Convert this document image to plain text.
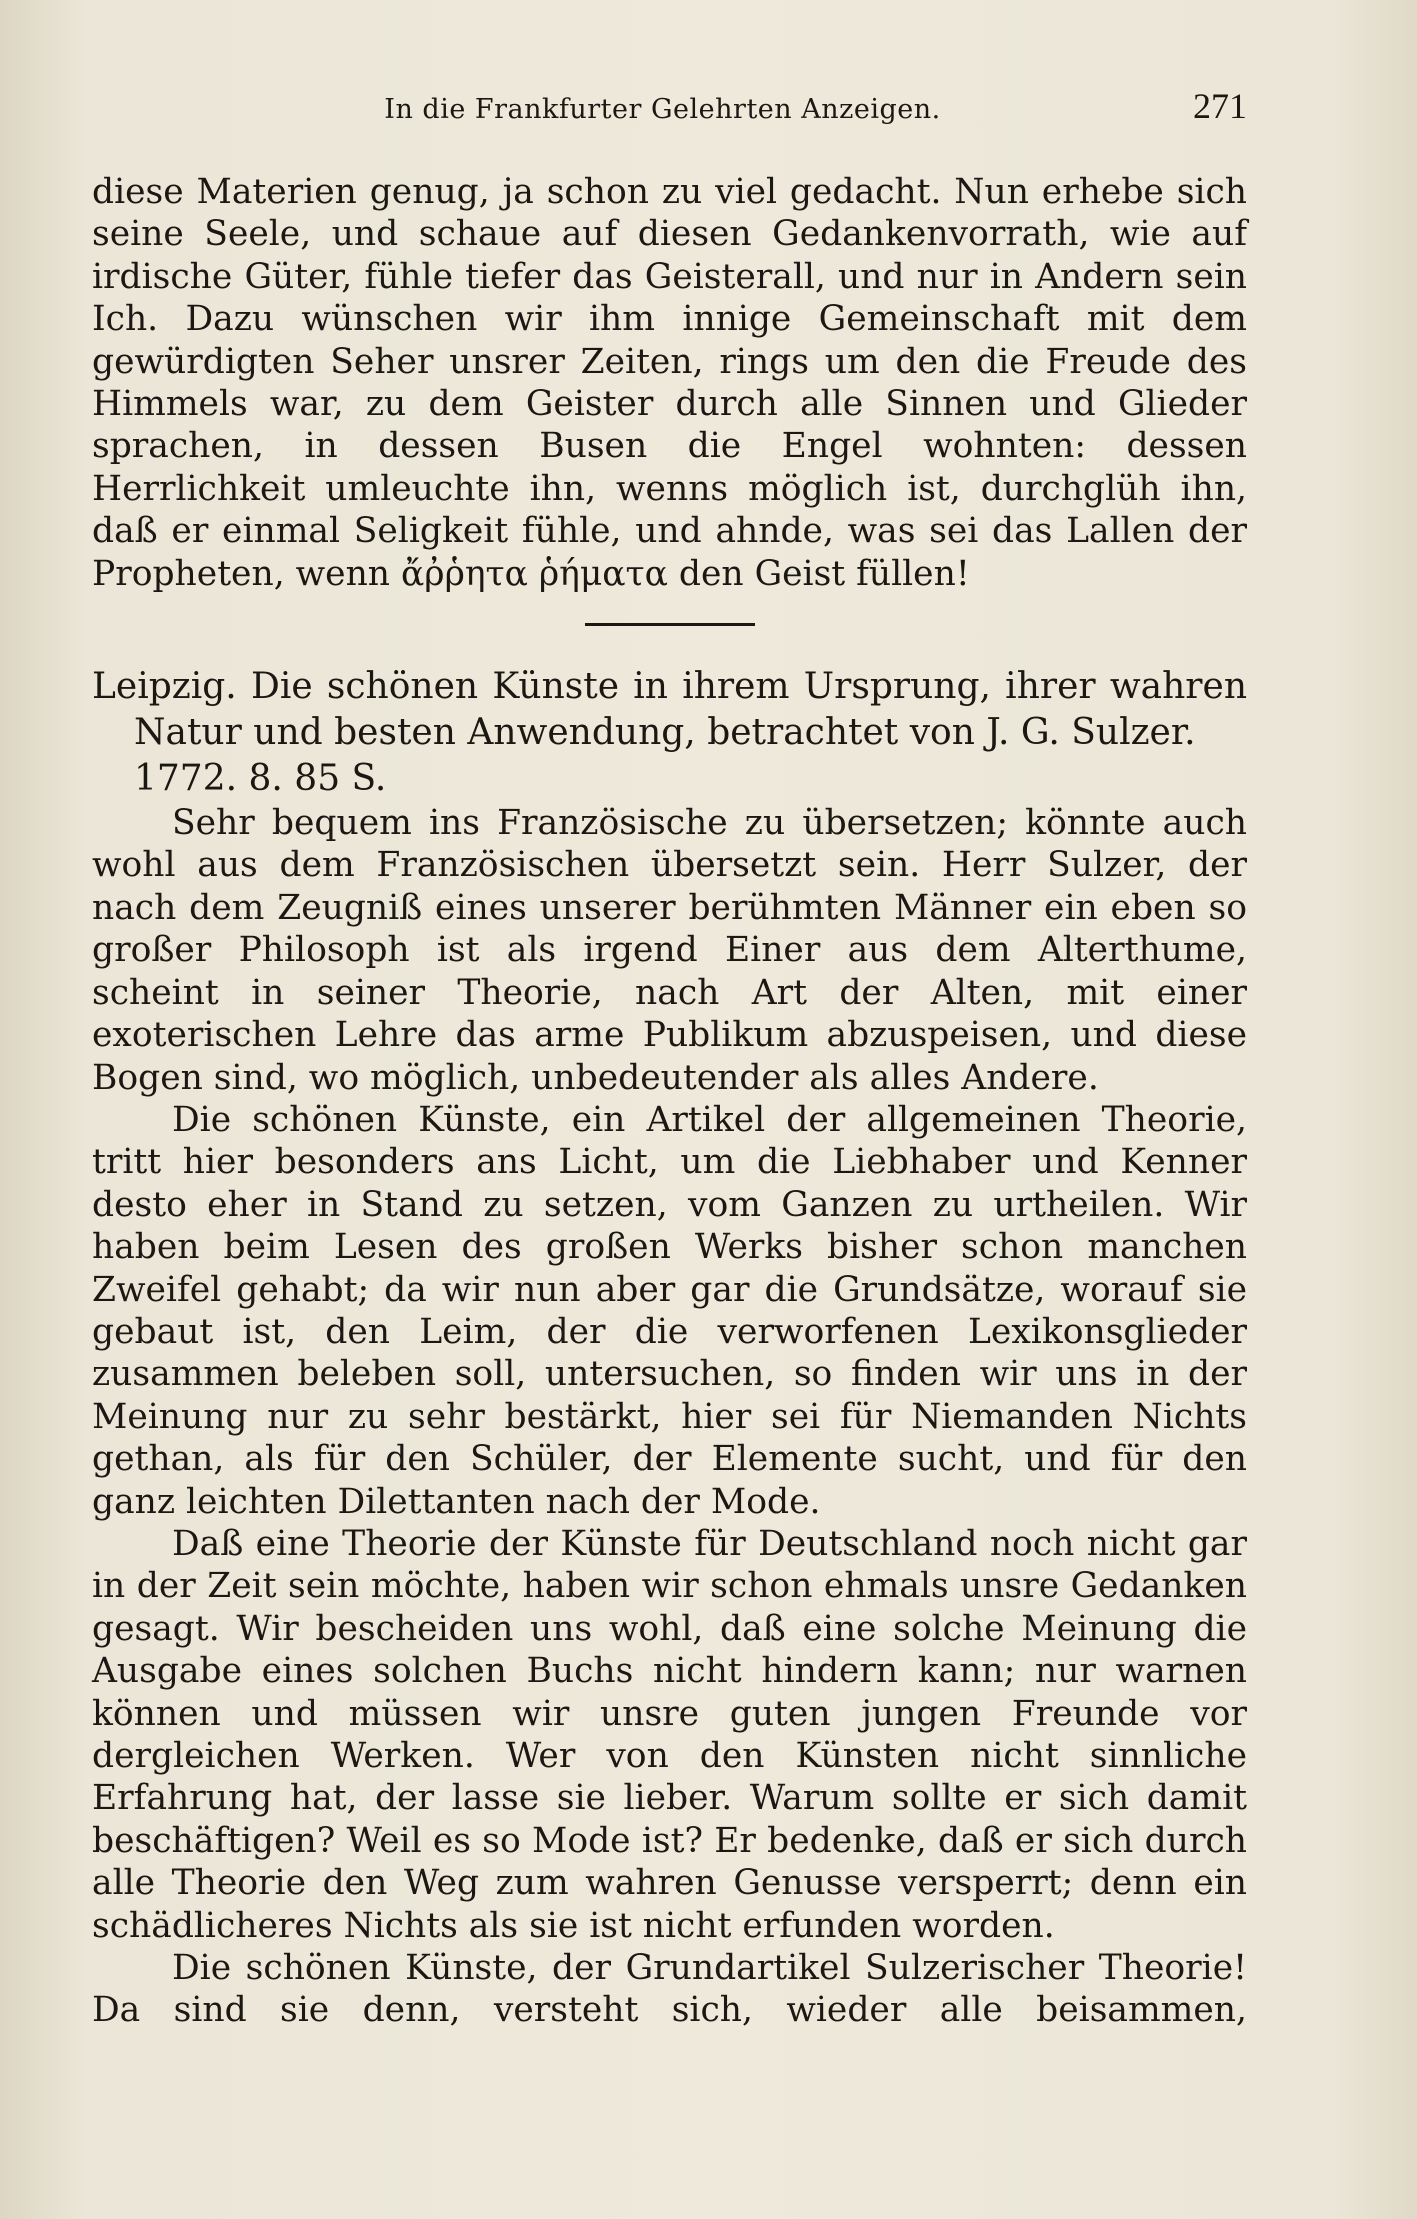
In die Frankfurter Gelehrten Anzeigen.	271

diese Materien genug, ja schon zu viel gedacht. Nun erhebe sich seine Seele, und schaue auf diesen Gedankenvorrath, wie auf irdische Güter, fühle tiefer das Geisterall, und nur in Andern sein Ich. Dazu wünschen wir ihm innige Gemeinschaft mit dem gewürdigten Seher unsrer Zeiten, rings um den die Freude des Himmels war, zu dem Geister durch alle Sinnen und Glieder sprachen, in dessen Busen die Engel wohnten: dessen Herrlichkeit umleuchte ihn, wenns möglich ist, durchglüh ihn, daß er einmal Seligkeit fühle, und ahnde, was sei das Lallen der Propheten, wenn ἄῤῥητα ῥήματα den Geist füllen!

Leipzig. Die schönen Künste in ihrem Ursprung, ihrer wahren Natur und besten Anwendung, betrachtet von J. G. Sulzer.
1772. 8. 85 S.

Sehr bequem ins Französische zu übersetzen; könnte auch wohl aus dem Französischen übersetzt sein. Herr Sulzer, der nach dem Zeugniß eines unserer berühmten Männer ein eben so großer Philosoph ist als irgend Einer aus dem Alterthume, scheint in seiner Theorie, nach Art der Alten, mit einer exoterischen Lehre das arme Publikum abzuspeisen, und diese Bogen sind, wo möglich, unbedeutender als alles Andere.

Die schönen Künste, ein Artikel der allgemeinen Theorie, tritt hier besonders ans Licht, um die Liebhaber und Kenner desto eher in Stand zu setzen, vom Ganzen zu urtheilen. Wir haben beim Lesen des großen Werks bisher schon manchen Zweifel gehabt; da wir nun aber gar die Grundsätze, worauf sie gebaut ist, den Leim, der die verworfenen Lexikonsglieder zusammen beleben soll, untersuchen, so finden wir uns in der Meinung nur zu sehr bestärkt, hier sei für Niemanden Nichts gethan, als für den Schüler, der Elemente sucht, und für den ganz leichten Dilettanten nach der Mode.

Daß eine Theorie der Künste für Deutschland noch nicht gar in der Zeit sein möchte, haben wir schon ehmals unsre Gedanken gesagt. Wir bescheiden uns wohl, daß eine solche Meinung die Ausgabe eines solchen Buchs nicht hindern kann; nur warnen können und müssen wir unsre guten jungen Freunde vor dergleichen Werken. Wer von den Künsten nicht sinnliche Erfahrung hat, der lasse sie lieber. Warum sollte er sich damit beschäftigen? Weil es so Mode ist? Er bedenke, daß er sich durch alle Theorie den Weg zum wahren Genusse versperrt; denn ein schädlicheres Nichts als sie ist nicht erfunden worden.

Die schönen Künste, der Grundartikel Sulzerischer Theorie! Da sind sie denn, versteht sich, wieder alle beisammen,
